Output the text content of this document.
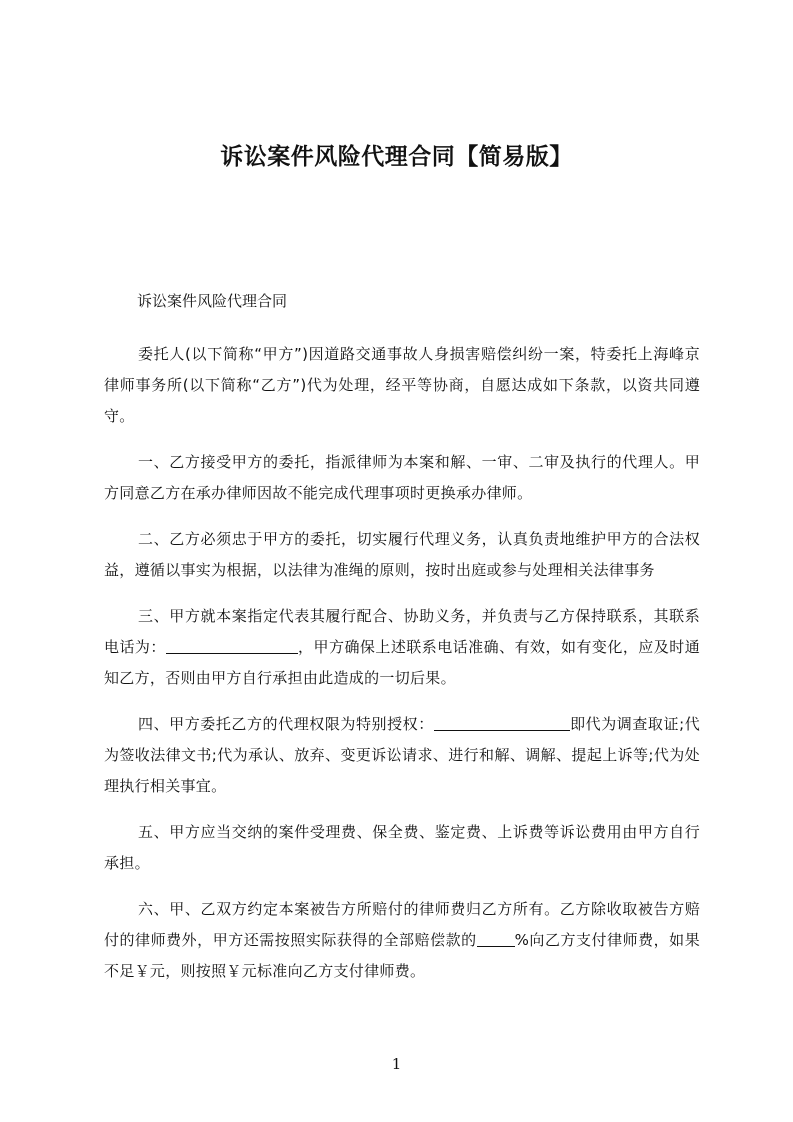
诉讼案件风险代理合同【简易版】
诉讼案件风险代理合同
委托人(以下简称“甲方”)因道路交通事故人身损害赔偿纠纷一案，特委托上海峰京律师事务所(以下简称“乙方”)代为处理，经平等协商，自愿达成如下条款，以资共同遵守。
一、乙方接受甲方的委托，指派律师为本案和解、一审、二审及执行的代理人。甲方同意乙方在承办律师因故不能完成代理事项时更换承办律师。
二、乙方必须忠于甲方的委托，切实履行代理义务，认真负责地维护甲方的合法权益，遵循以事实为根据，以法律为准绳的原则，按时出庭或参与处理相关法律事务
三、甲方就本案指定代表其履行配合、协助义务，并负责与乙方保持联系，其联系电话为：	，甲方确保上述联系电话准确、有效，如有变化，应及时通知乙方，否则由甲方自行承担由此造成的一切后果。
四、甲方委托乙方的代理权限为特别授权：	即代为调查取证;代为签收法律文书;代为承认、放弃、变更诉讼请求、进行和解、调解、提起上诉等;代为处理执行相关事宜。
五、甲方应当交纳的案件受理费、保全费、鉴定费、上诉费等诉讼费用由甲方自行承担。
六、甲、乙双方约定本案被告方所赔付的律师费归乙方所有。乙方除收取被告方赔付的律师费外，甲方还需按照实际获得的全部赔偿款的	%向乙方支付律师费，如果不足￥元，则按照￥元标准向乙方支付律师费。
1
